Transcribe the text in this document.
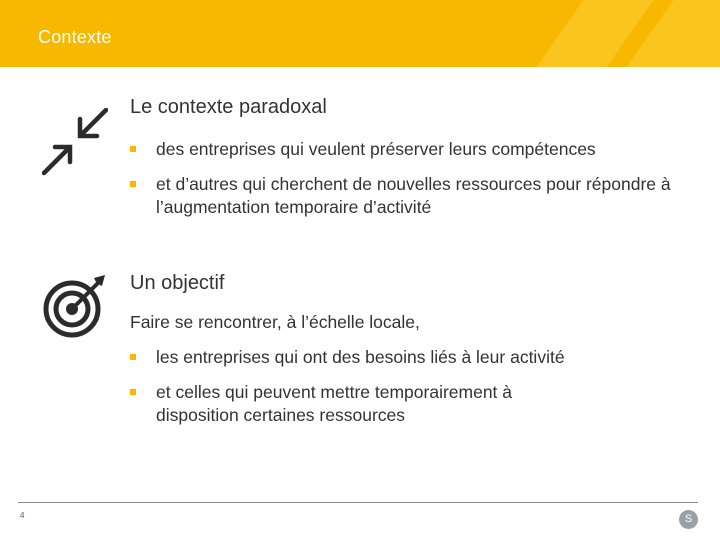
Contexte
Le contexte paradoxal
des entreprises qui veulent préserver leurs compétences
et d’autres qui cherchent de nouvelles ressources pour répondre à l’augmentation temporaire d’activité
Un objectif
Faire se rencontrer, à l’échelle locale,
les entreprises qui ont des besoins liés à leur activité
et celles qui peuvent mettre temporairement à disposition certaines ressources
4	S
